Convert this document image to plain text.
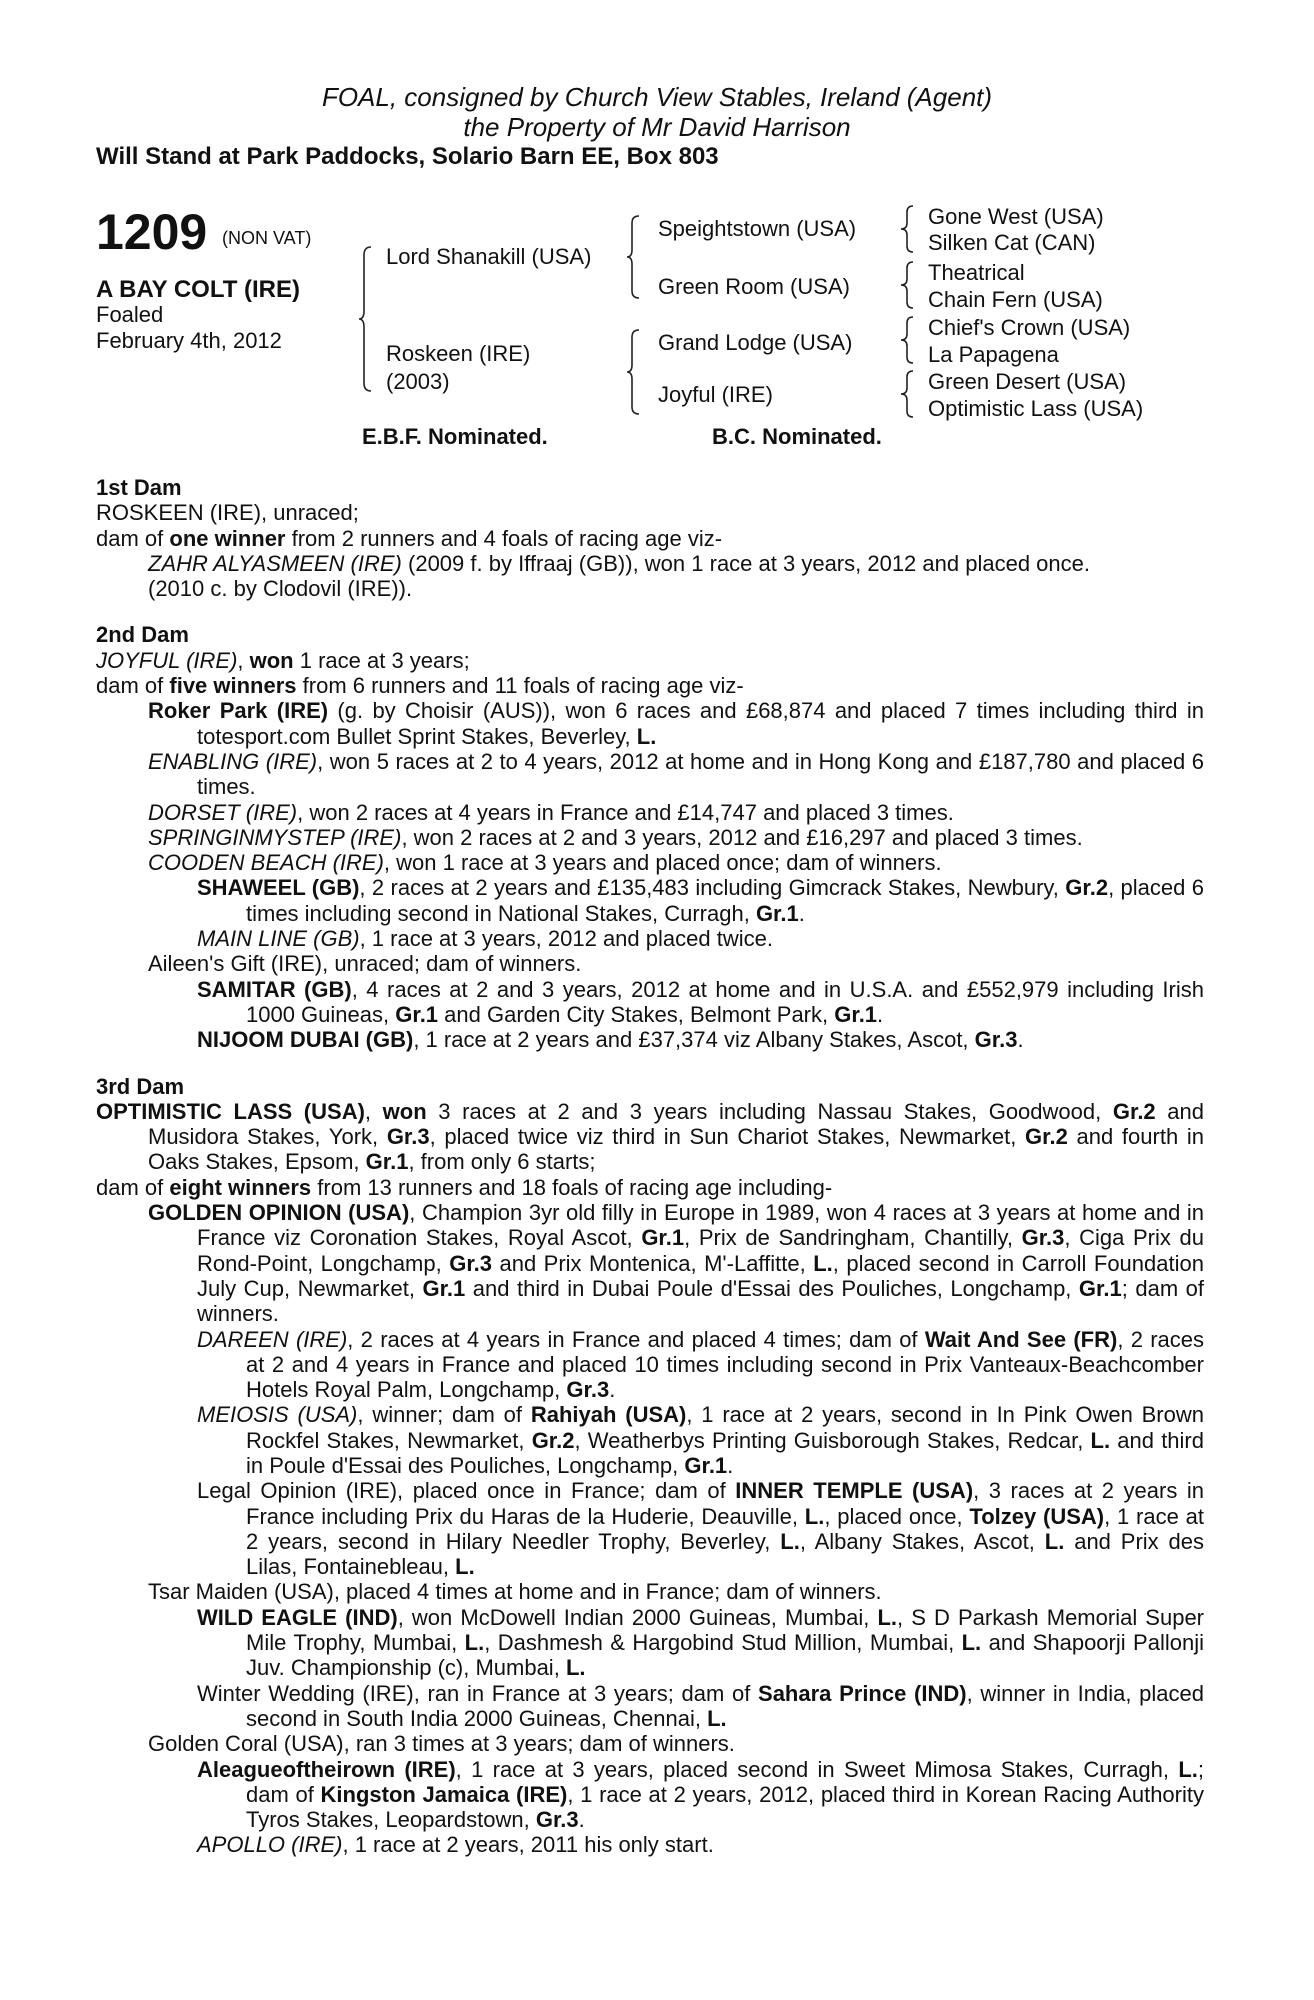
FOAL, consigned by Church View Stables, Ireland (Agent)
the Property of Mr David Harrison
Will Stand at Park Paddocks, Solario Barn EE, Box 803
1209 (NON VAT)
A BAY COLT (IRE)
Foaled
February 4th, 2012
Lord Shanakill (USA)
Roskeen (IRE)
(2003)
Speightstown (USA)
Green Room (USA)
Grand Lodge (USA)
Joyful (IRE)
Gone West (USA)
Silken Cat (CAN)
Theatrical
Chain Fern (USA)
Chief's Crown (USA)
La Papagena
Green Desert (USA)
Optimistic Lass (USA)
E.B.F. Nominated.	B.C. Nominated.
1st Dam
ROSKEEN (IRE), unraced;
dam of one winner from 2 runners and 4 foals of racing age viz-
ZAHR ALYASMEEN (IRE) (2009 f. by Iffraaj (GB)), won 1 race at 3 years, 2012 and placed once.
(2010 c. by Clodovil (IRE)).
2nd Dam
JOYFUL (IRE), won 1 race at 3 years;
dam of five winners from 6 runners and 11 foals of racing age viz-
Roker Park (IRE) (g. by Choisir (AUS)), won 6 races and £68,874 and placed 7 times including third in totesport.com Bullet Sprint Stakes, Beverley, L.
ENABLING (IRE), won 5 races at 2 to 4 years, 2012 at home and in Hong Kong and £187,780 and placed 6 times.
DORSET (IRE), won 2 races at 4 years in France and £14,747 and placed 3 times.
SPRINGINMYSTEP (IRE), won 2 races at 2 and 3 years, 2012 and £16,297 and placed 3 times.
COODEN BEACH (IRE), won 1 race at 3 years and placed once; dam of winners.
SHAWEEL (GB), 2 races at 2 years and £135,483 including Gimcrack Stakes, Newbury, Gr.2, placed 6 times including second in National Stakes, Curragh, Gr.1.
MAIN LINE (GB), 1 race at 3 years, 2012 and placed twice.
Aileen's Gift (IRE), unraced; dam of winners.
SAMITAR (GB), 4 races at 2 and 3 years, 2012 at home and in U.S.A. and £552,979 including Irish 1000 Guineas, Gr.1 and Garden City Stakes, Belmont Park, Gr.1.
NIJOOM DUBAI (GB), 1 race at 2 years and £37,374 viz Albany Stakes, Ascot, Gr.3.
3rd Dam
OPTIMISTIC LASS (USA), won 3 races at 2 and 3 years including Nassau Stakes, Goodwood, Gr.2 and Musidora Stakes, York, Gr.3, placed twice viz third in Sun Chariot Stakes, Newmarket, Gr.2 and fourth in Oaks Stakes, Epsom, Gr.1, from only 6 starts;
dam of eight winners from 13 runners and 18 foals of racing age including-
GOLDEN OPINION (USA), Champion 3yr old filly in Europe in 1989, won 4 races at 3 years at home and in France viz Coronation Stakes, Royal Ascot, Gr.1, Prix de Sandringham, Chantilly, Gr.3, Ciga Prix du Rond-Point, Longchamp, Gr.3 and Prix Montenica, M'-Laffitte, L., placed second in Carroll Foundation July Cup, Newmarket, Gr.1 and third in Dubai Poule d'Essai des Pouliches, Longchamp, Gr.1; dam of winners.
DAREEN (IRE), 2 races at 4 years in France and placed 4 times; dam of Wait And See (FR), 2 races at 2 and 4 years in France and placed 10 times including second in Prix Vanteaux-Beachcomber Hotels Royal Palm, Longchamp, Gr.3.
MEIOSIS (USA), winner; dam of Rahiyah (USA), 1 race at 2 years, second in In Pink Owen Brown Rockfel Stakes, Newmarket, Gr.2, Weatherbys Printing Guisborough Stakes, Redcar, L. and third in Poule d'Essai des Pouliches, Longchamp, Gr.1.
Legal Opinion (IRE), placed once in France; dam of INNER TEMPLE (USA), 3 races at 2 years in France including Prix du Haras de la Huderie, Deauville, L., placed once, Tolzey (USA), 1 race at 2 years, second in Hilary Needler Trophy, Beverley, L., Albany Stakes, Ascot, L. and Prix des Lilas, Fontainebleau, L.
Tsar Maiden (USA), placed 4 times at home and in France; dam of winners.
WILD EAGLE (IND), won McDowell Indian 2000 Guineas, Mumbai, L., S D Parkash Memorial Super Mile Trophy, Mumbai, L., Dashmesh & Hargobind Stud Million, Mumbai, L. and Shapoorji Pallonji Juv. Championship (c), Mumbai, L.
Winter Wedding (IRE), ran in France at 3 years; dam of Sahara Prince (IND), winner in India, placed second in South India 2000 Guineas, Chennai, L.
Golden Coral (USA), ran 3 times at 3 years; dam of winners.
Aleagueoftheirown (IRE), 1 race at 3 years, placed second in Sweet Mimosa Stakes, Curragh, L.; dam of Kingston Jamaica (IRE), 1 race at 2 years, 2012, placed third in Korean Racing Authority Tyros Stakes, Leopardstown, Gr.3.
APOLLO (IRE), 1 race at 2 years, 2011 his only start.
